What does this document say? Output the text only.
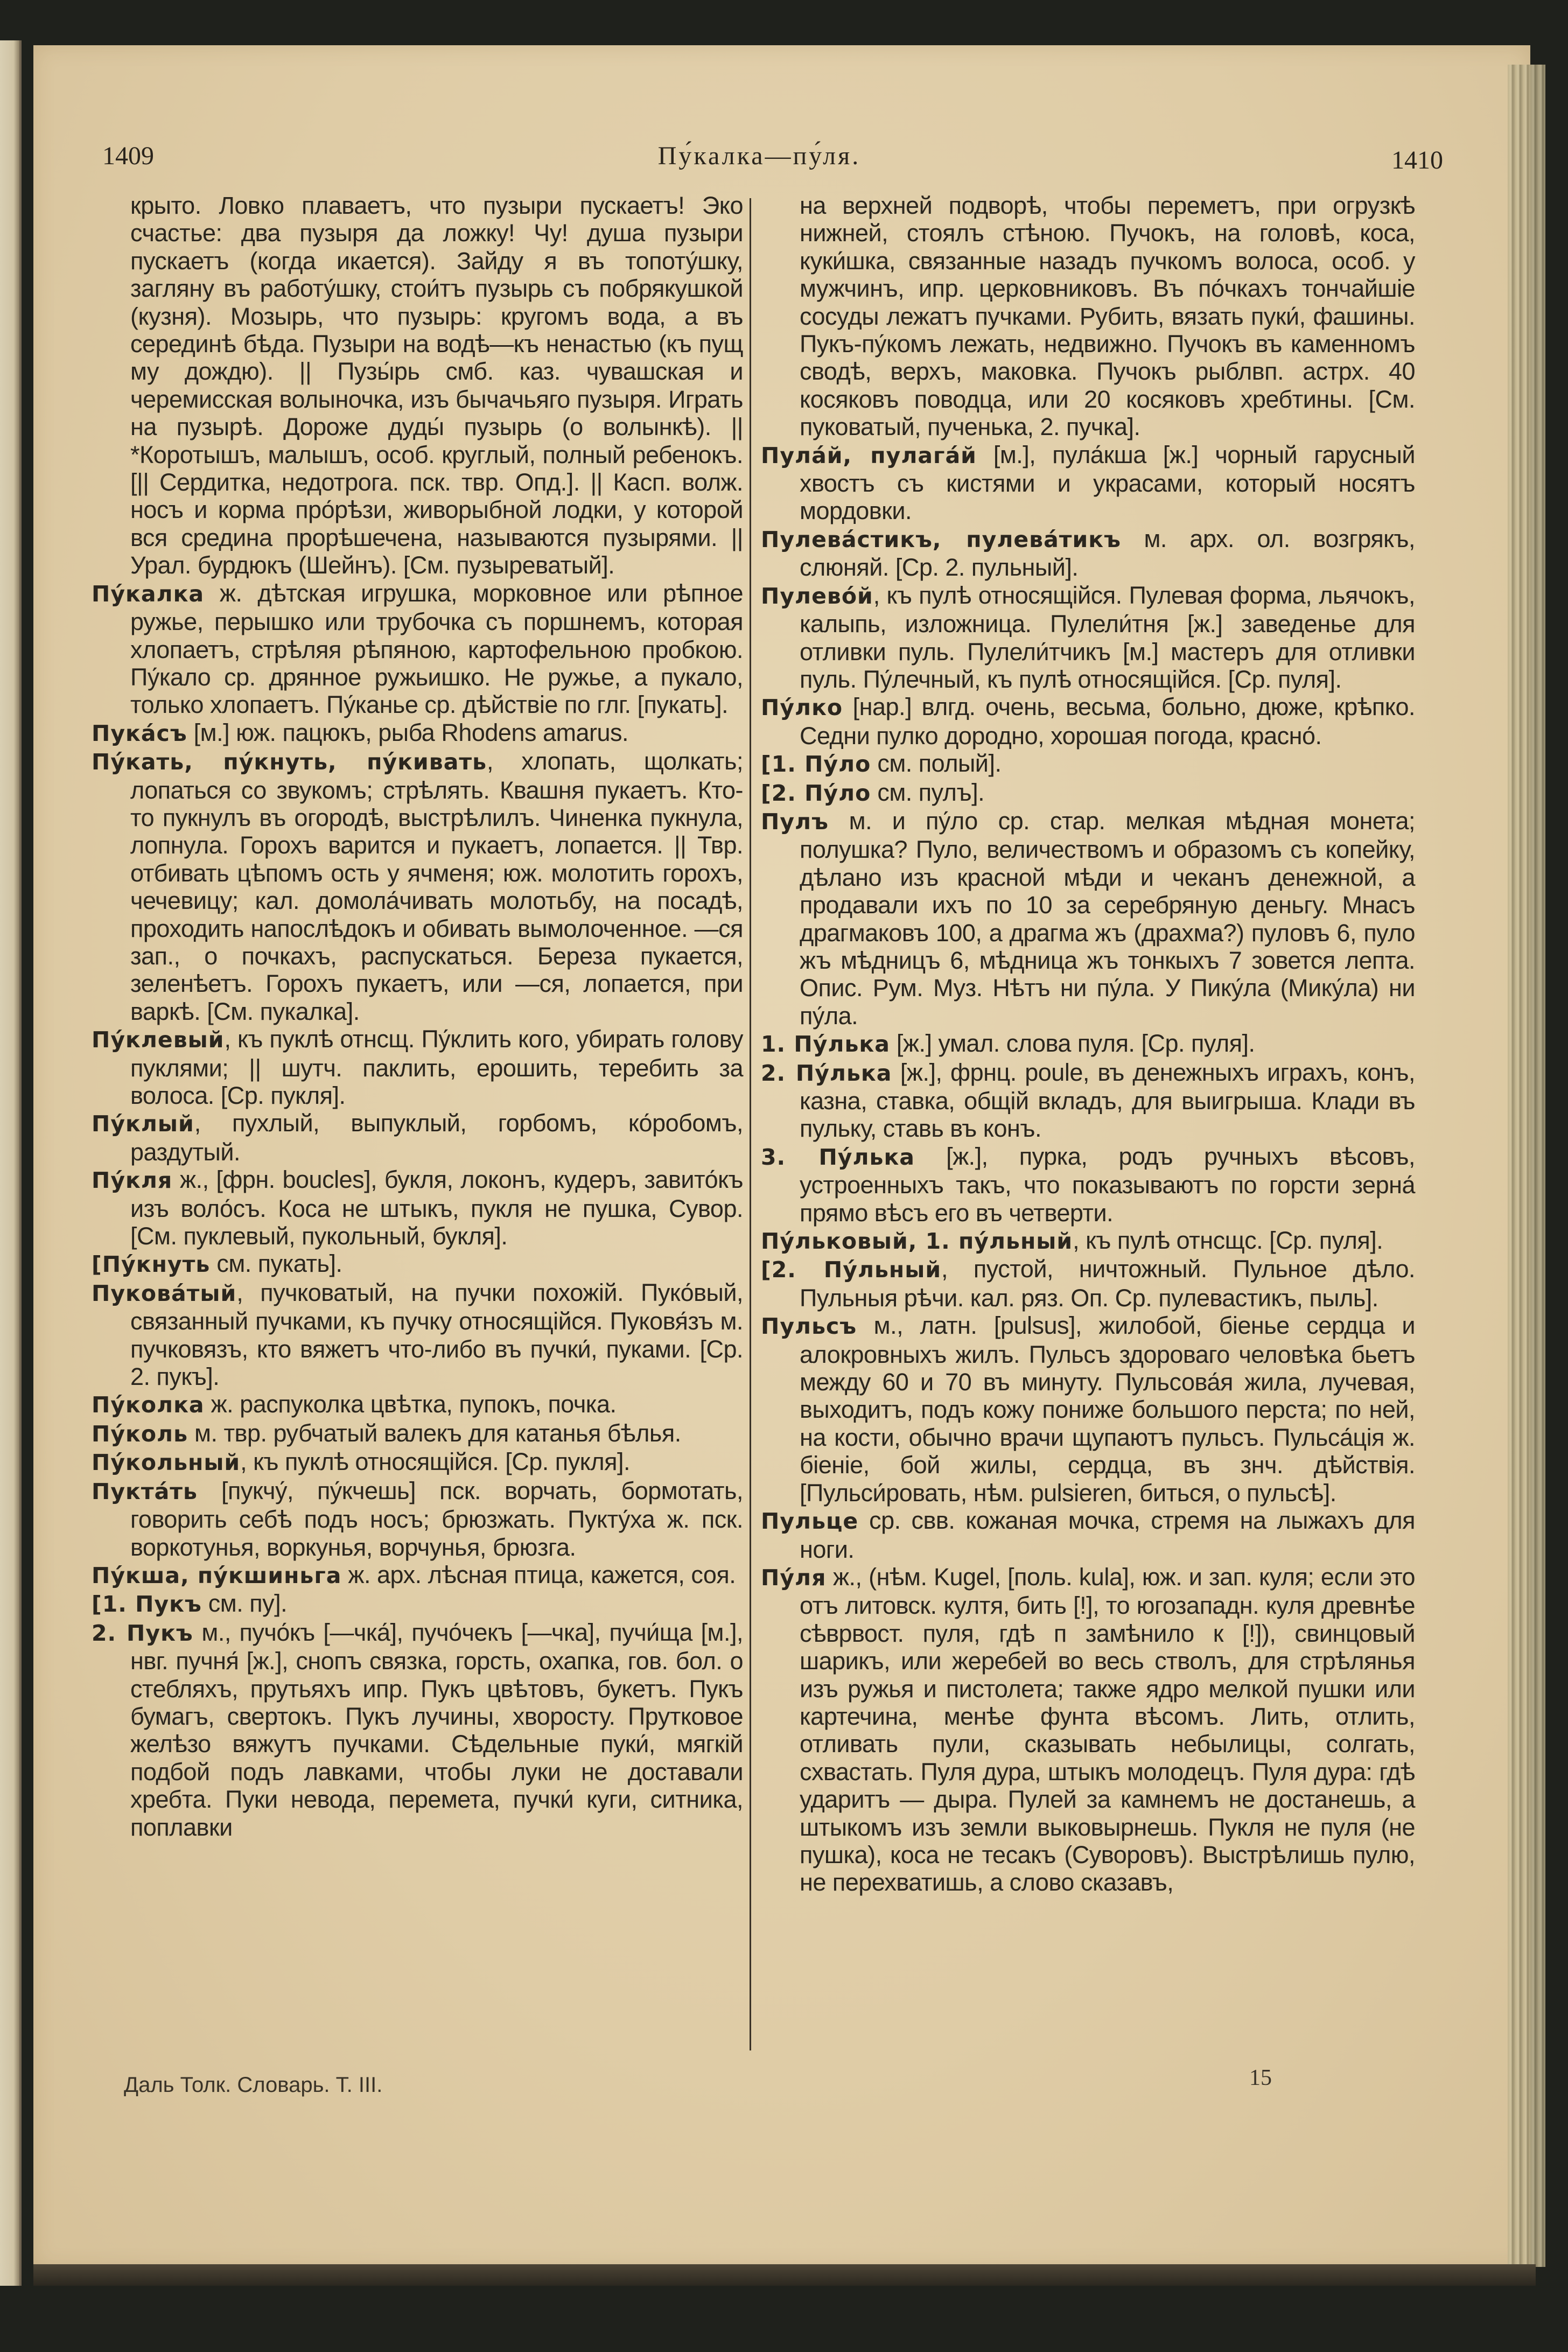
1409	Пу́калка—пу́ля.	1410

крыто. Ловко плаваетъ, что пузыри пускаетъ! Эко счастье: два пузыря да ложку! Чу! душа пузыри пускаетъ (когда икается). Зайду я въ топоту́шку, загляну въ работу́шку, стои́тъ пузырь съ побрякушкой (кузня). Мозырь, что пузырь: кругомъ вода, а въ серединѣ бѣда. Пузыри на водѣ—къ ненастью (къ пущ му дождю). || Пузы́рь смб. каз. чувашская и черемисская волыночка, изъ бычачьяго пузыря. Играть на пузырѣ. Дороже дуды́ пузырь (о волынкѣ). || *Коротышъ, малышъ, особ. круглый, полный ребенокъ. [|| Сердитка, недотрога. пск. твр. Опд.]. || Касп. волж. носъ и корма про́рѣзи, живорыбной лодки, у которой вся средина прорѣшечена, называются пузырями. || Урал. бурдюкъ (Шейнъ). [См. пузыреватый].

Пу́калка ж. дѣтская игрушка, морковное или рѣпное ружье, перышко или трубочка съ поршнемъ, которая хлопаетъ, стрѣляя рѣпяною, картофельною пробкою. Пу́кало ср. дрянное ружьишко. Не ружье, а пукало, только хлопаетъ. Пу́канье ср. дѣйствіе по глг. [пукать].

Пука́съ [м.] юж. пацюкъ, рыба Rhodens amarus.

Пу́кать, пу́кнуть, пу́кивать, хлопать, щолкать; лопаться со звукомъ; стрѣлять. Квашня пукаетъ. Кто-то пукнулъ въ огородѣ, выстрѣлилъ. Чиненка пукнула, лопнула. Горохъ варится и пукаетъ, лопается. || Твр. отбивать цѣпомъ ость у ячменя; юж. молотить горохъ, чечевицу; кал. домола́чивать молотьбу, на посадѣ, проходить напослѣдокъ и обивать вымолоченное. —ся зап., о почкахъ, распускаться. Береза пукается, зеленѣетъ. Горохъ пукаетъ, или —ся, лопается, при варкѣ. [См. пукалка].

Пу́клевый, къ пуклѣ отнсщ. Пу́клить кого, убирать голову пуклями; || шутч. паклить, ерошить, теребить за волоса. [Ср. пукля].

Пу́клый, пухлый, выпуклый, горбомъ, ко́робомъ, раздутый.

Пу́кля ж., [фрн. boucles], букля, локонъ, кудеръ, завито́къ изъ воло́съ. Коса не штыкъ, пукля не пушка, Сувор. [См. пуклевый, пукольный, букля].

[Пу́кнуть см. пукать].

Пукова́тый, пучковатый, на пучки похожій. Пуко́вый, связанный пучками, къ пучку относящійся. Пуковя́зъ м. пучковязъ, кто вяжетъ что-либо въ пучки́, пуками. [Ср. 2. пукъ].

Пу́колка ж. распуколка цвѣтка, пупокъ, почка.

Пу́коль м. твр. рубчатый валекъ для катанья бѣлья.

Пу́кольный, къ пуклѣ относящійся. [Ср. пукля].

Пукта́ть [пукчу́, пу́кчешь] пск. ворчать, бормотать, говорить себѣ подъ носъ; брюзжать. Пукту́ха ж. пск. воркотунья, воркунья, ворчунья, брюзга.

Пу́кша, пу́кшиньга ж. арх. лѣсная птица, кажется, соя.

[1. Пукъ см. пу].

2. Пукъ м., пучо́къ [—чка́], пучо́чекъ [—чка], пучи́ща [м.], нвг. пучня́ [ж.], снопъ связка, горсть, охапка, гов. бол. о стебляхъ, прутьяхъ ипр. Пукъ цвѣтовъ, букетъ. Пукъ бумагъ, свертокъ. Пукъ лучины, хворосту. Прутковое желѣзо вяжутъ пучками. Сѣдельные пуки́, мягкій подбой подъ лавками, чтобы луки не доставали хребта. Пуки невода, перемета, пучки́ куги, ситника, поплавки

на верхней подворѣ, чтобы переметъ, при огрузкѣ нижней, стоялъ стѣною. Пучокъ, на головѣ, коса, куки́шка, связанные назадъ пучкомъ волоса, особ. у мужчинъ, ипр. церковниковъ. Въ по́чкахъ тончайшіе сосуды лежатъ пучками. Рубить, вязать пуки́, фашины. Пукъ-пу́комъ лежать, недвижно. Пучокъ въ каменномъ сводѣ, верхъ, маковка. Пучокъ рыблвп. астрх. 40 косяковъ поводца, или 20 косяковъ хребтины. [См. пуковатый, пученька, 2. пучка].

Пула́й, пулага́й [м.], пула́кша [ж.] чорный гарусный хвостъ съ кистями и украсами, который носятъ мордовки.

Пулева́стикъ, пулева́тикъ м. арх. ол. возгрякъ, слюняй. [Ср. 2. пульный].

Пулево́й, къ пулѣ относящійся. Пулевая форма, льячокъ, калыпь, изложница. Пулели́тня [ж.] заведенье для отливки пуль. Пулели́тчикъ [м.] мастеръ для отливки пуль. Пу́лечный, къ пулѣ относящійся. [Ср. пуля].

Пу́лко [нар.] влгд. очень, весьма, больно, дюже, крѣпко. Седни пулко дородно, хорошая погода, красно́.

[1. Пу́ло см. полый].

[2. Пу́ло см. пулъ].

Пулъ м. и пу́ло ср. стар. мелкая мѣдная монета; полушка? Пуло, величествомъ и образомъ съ копейку, дѣлано изъ красной мѣди и чеканъ денежной, а продавали ихъ по 10 за серебряную деньгу. Мнасъ драгмаковъ 100, а драгма жъ (драхма?) пуловъ 6, пуло жъ мѣдницъ 6, мѣдница жъ тонкыхъ 7 зовется лепта. Опис. Рум. Муз. Нѣтъ ни пу́ла. У Пику́ла (Мику́ла) ни пу́ла.

1. Пу́лька [ж.] умал. слова пуля. [Ср. пуля].

2. Пу́лька [ж.], фрнц. poule, въ денежныхъ играхъ, конъ, казна, ставка, общій вкладъ, для выигрыша. Клади въ пульку, ставь въ конъ.

3. Пу́лька [ж.], пурка, родъ ручныхъ вѣсовъ, устроенныхъ такъ, что показываютъ по горсти зерна́ прямо вѣсъ его въ четверти.

Пу́льковый, 1. пу́льный, къ пулѣ отнсщс. [Ср. пуля].

[2. Пу́льный, пустой, ничтожный. Пульное дѣло. Пульныя рѣчи. кал. ряз. Оп. Ср. пулевастикъ, пыль].

Пульсъ м., латн. [pulsus], жилобой, біенье сердца и алокровныхъ жилъ. Пульсъ здороваго человѣка бьетъ между 60 и 70 въ минуту. Пульсова́я жила, лучевая, выходитъ, подъ кожу пониже большого перста; по ней, на кости, обычно врачи щупаютъ пульсъ. Пульса́ція ж. біеніе, бой жилы, сердца, въ знч. дѣйствія. [Пульси́ровать, нѣм. pulsieren, биться, о пульсѣ].

Пульце ср. свв. кожаная мочка, стремя на лыжахъ для ноги.

Пу́ля ж., (нѣм. Kugel, [поль. kula], юж. и зап. куля; если это отъ литовск. култя, бить [!], то югозападн. куля древнѣе сѣврвост. пуля, гдѣ п замѣнило к [!]), свинцовый шарикъ, или жеребей во весь стволъ, для стрѣлянья изъ ружья и пистолета; также ядро мелкой пушки или картечина, менѣе фунта вѣсомъ. Лить, отлить, отливать пули, сказывать небылицы, солгать, схвастать. Пуля дура, штыкъ молодецъ. Пуля дура: гдѣ ударитъ — дыра. Пулей за камнемъ не достанешь, а штыкомъ изъ земли выковырнешь. Пукля не пуля (не пушка), коса не тесакъ (Суворовъ). Выстрѣлишь пулю, не перехватишь, а слово сказавъ,

Даль Толк. Словарь. Т. III.	15
